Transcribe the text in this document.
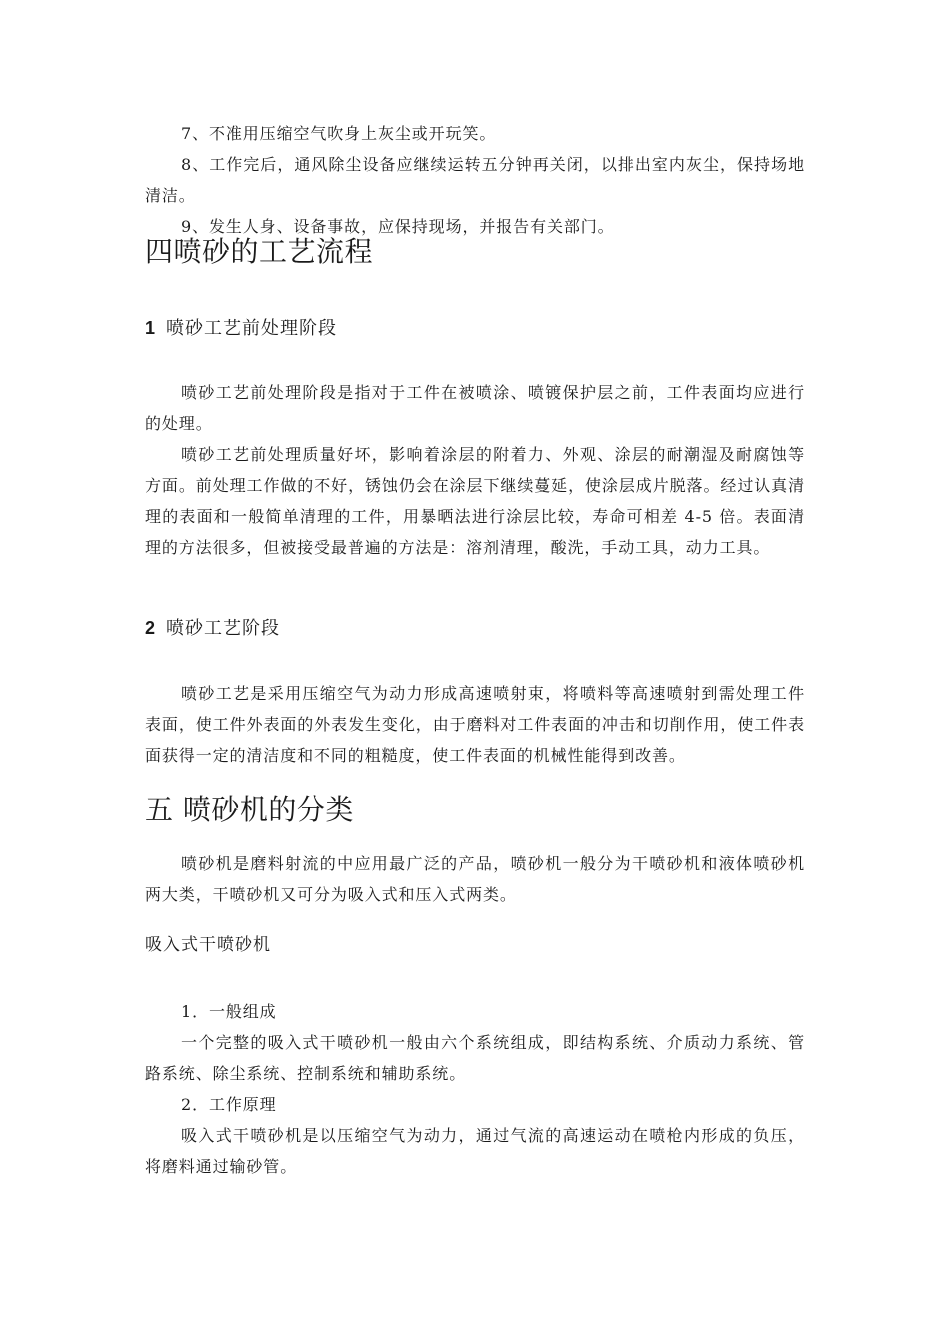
7、不准用压缩空气吹身上灰尘或开玩笑。

8、工作完后，通风除尘设备应继续运转五分钟再关闭，以排出室内灰尘，保持场地清洁。

9、发生人身、设备事故，应保持现场，并报告有关部门。

四喷砂的工艺流程
1 喷砂工艺前处理阶段

喷砂工艺前处理阶段是指对于工件在被喷涂、喷镀保护层之前，工件表面均应进行的处理。

喷砂工艺前处理质量好坏，影响着涂层的附着力、外观、涂层的耐潮湿及耐腐蚀等方面。前处理工作做的不好，锈蚀仍会在涂层下继续蔓延，使涂层成片脱落。经过认真清理的表面和一般简单清理的工件，用暴晒法进行涂层比较，寿命可相差 4-5 倍。表面清理的方法很多，但被接受最普遍的方法是：溶剂清理，酸洗，手动工具，动力工具。

2 喷砂工艺阶段

喷砂工艺是采用压缩空气为动力形成高速喷射束，将喷料等高速喷射到需处理工件表面，使工件外表面的外表发生变化，由于磨料对工件表面的冲击和切削作用，使工件表面获得一定的清洁度和不同的粗糙度，使工件表面的机械性能得到改善。

五 喷砂机的分类

喷砂机是磨料射流的中应用最广泛的产品，喷砂机一般分为干喷砂机和液体喷砂机两大类，干喷砂机又可分为吸入式和压入式两类。

吸入式干喷砂机

1．一般组成

一个完整的吸入式干喷砂机一般由六个系统组成，即结构系统、介质动力系统、管路系统、除尘系统、控制系统和辅助系统。

2．工作原理

吸入式干喷砂机是以压缩空气为动力，通过气流的高速运动在喷枪内形成的负压，将磨料通过输砂管。
